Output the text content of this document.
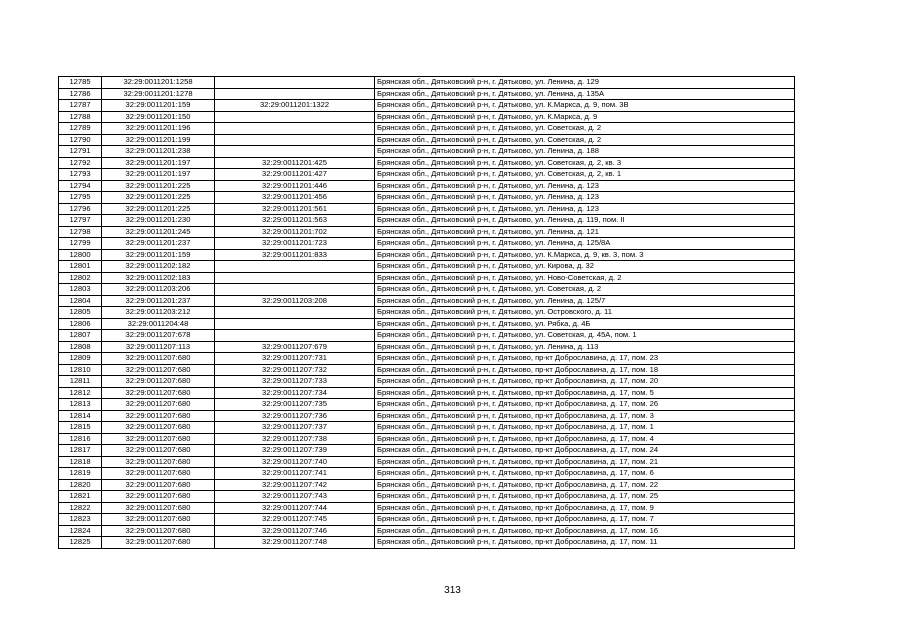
12785	32:29:0011201:1258		Брянская обл., Дятьковский р-н, г. Дятьково, ул. Ленина, д. 129
12786	32:29:0011201:1278		Брянская обл., Дятьковский р-н, г. Дятьково, ул. Ленина, д. 135А
12787	32:29:0011201:159	32:29:0011201:1322	Брянская обл., Дятьковский р-н, г. Дятьково, ул. К.Маркса, д. 9, пом. 3В
12788	32:29:0011201:150		Брянская обл., Дятьковский р-н, г. Дятьково, ул. К.Маркса, д. 9
12789	32:29:0011201:196		Брянская обл., Дятьковский р-н, г. Дятьково, ул. Советская, д. 2
12790	32:29:0011201:199		Брянская обл., Дятьковский р-н, г. Дятьково, ул. Советская, д. 2
12791	32:29:0011201:238		Брянская обл., Дятьковский р-н, г. Дятьково, ул. Ленина, д. 188
12792	32:29:0011201:197	32:29:0011201:425	Брянская обл., Дятьковский р-н, г. Дятьково, ул. Советская, д. 2, кв. 3
12793	32:29:0011201:197	32:29:0011201:427	Брянская обл., Дятьковский р-н, г. Дятьково, ул. Советская, д. 2, кв. 1
12794	32:29:0011201:225	32:29:0011201:446	Брянская обл., Дятьковский р-н, г. Дятьково, ул. Ленина, д. 123
12795	32:29:0011201:225	32:29:0011201:456	Брянская обл., Дятьковский р-н, г. Дятьково, ул. Ленина, д. 123
12796	32:29:0011201:225	32:29:0011201:561	Брянская обл., Дятьковский р-н, г. Дятьково, ул. Ленина, д. 123
12797	32:29:0011201:230	32:29:0011201:563	Брянская обл., Дятьковский р-н, г. Дятьково, ул. Ленина, д. 119, пом. II
12798	32:29:0011201:245	32:29:0011201:702	Брянская обл., Дятьковский р-н, г. Дятьково, ул. Ленина, д. 121
12799	32:29:0011201:237	32:29:0011201:723	Брянская обл., Дятьковский р-н, г. Дятьково, ул. Ленина, д. 125/8А
12800	32:29:0011201:159	32:29:0011201:833	Брянская обл., Дятьковский р-н, г. Дятьково, ул. К.Маркса, д. 9, кв. 3, пом. 3
12801	32:29:0011202:182		Брянская обл., Дятьковский р-н, г. Дятьково, ул. Кирова, д. 32
12802	32:29:0011202:183		Брянская обл., Дятьковский р-н, г. Дятьково, ул. Ново-Советская, д. 2
12803	32:29:0011203:206		Брянская обл., Дятьковский р-н, г. Дятьково, ул. Советская, д. 2
12804	32:29:0011201:237	32:29:0011203:208	Брянская обл., Дятьковский р-н, г. Дятьково, ул. Ленина, д. 125/7
12805	32:29:0011203:212		Брянская обл., Дятьковский р-н, г. Дятьково, ул. Островского, д. 11
12806	32:29:0011204:48		Брянская обл., Дятьковский р-н, г. Дятьково, ул. Рябка, д. 4Б
12807	32:29:0011207:678		Брянская обл., Дятьковский р-н, г. Дятьково, ул. Советская, д. 45А, пом. 1
12808	32:29:0011207:113	32:29:0011207:679	Брянская обл., Дятьковский р-н, г. Дятьково, ул. Ленина, д. 113
12809	32:29:0011207:680	32:29:0011207:731	Брянская обл., Дятьковский р-н, г. Дятьково, пр-кт Доброславина, д. 17, пом. 23
12810	32:29:0011207:680	32:29:0011207:732	Брянская обл., Дятьковский р-н, г. Дятьково, пр-кт Доброславина, д. 17, пом. 18
12811	32:29:0011207:680	32:29:0011207:733	Брянская обл., Дятьковский р-н, г. Дятьково, пр-кт Доброславина, д. 17, пом. 20
12812	32:29:0011207:680	32:29:0011207:734	Брянская обл., Дятьковский р-н, г. Дятьково, пр-кт Доброславина, д. 17, пом. 5
12813	32:29:0011207:680	32:29:0011207:735	Брянская обл., Дятьковский р-н, г. Дятьково, пр-кт Доброславина, д. 17, пом. 26
12814	32:29:0011207:680	32:29:0011207:736	Брянская обл., Дятьковский р-н, г. Дятьково, пр-кт Доброславина, д. 17, пом. 3
12815	32:29:0011207:680	32:29:0011207:737	Брянская обл., Дятьковский р-н, г. Дятьково, пр-кт Доброславина, д. 17, пом. 1
12816	32:29:0011207:680	32:29:0011207:738	Брянская обл., Дятьковский р-н, г. Дятьково, пр-кт Доброславина, д. 17, пом. 4
12817	32:29:0011207:680	32:29:0011207:739	Брянская обл., Дятьковский р-н, г. Дятьково, пр-кт Доброславина, д. 17, пом. 24
12818	32:29:0011207:680	32:29:0011207:740	Брянская обл., Дятьковский р-н, г. Дятьково, пр-кт Доброславина, д. 17, пом. 21
12819	32:29:0011207:680	32:29:0011207:741	Брянская обл., Дятьковский р-н, г. Дятьково, пр-кт Доброславина, д. 17, пом. 6
12820	32:29:0011207:680	32:29:0011207:742	Брянская обл., Дятьковский р-н, г. Дятьково, пр-кт Доброславина, д. 17, пом. 22
12821	32:29:0011207:680	32:29:0011207:743	Брянская обл., Дятьковский р-н, г. Дятьково, пр-кт Доброславина, д. 17, пом. 25
12822	32:29:0011207:680	32:29:0011207:744	Брянская обл., Дятьковский р-н, г. Дятьково, пр-кт Доброславина, д. 17, пом. 9
12823	32:29:0011207:680	32:29:0011207:745	Брянская обл., Дятьковский р-н, г. Дятьково, пр-кт Доброславина, д. 17, пом. 7
12824	32:29:0011207:680	32:29:0011207:746	Брянская обл., Дятьковский р-н, г. Дятьково, пр-кт Доброславина, д. 17, пом. 16
12825	32:29:0011207:680	32:29:0011207:748	Брянская обл., Дятьковский р-н, г. Дятьково, пр-кт Доброславина, д. 17, пом. 11
313
